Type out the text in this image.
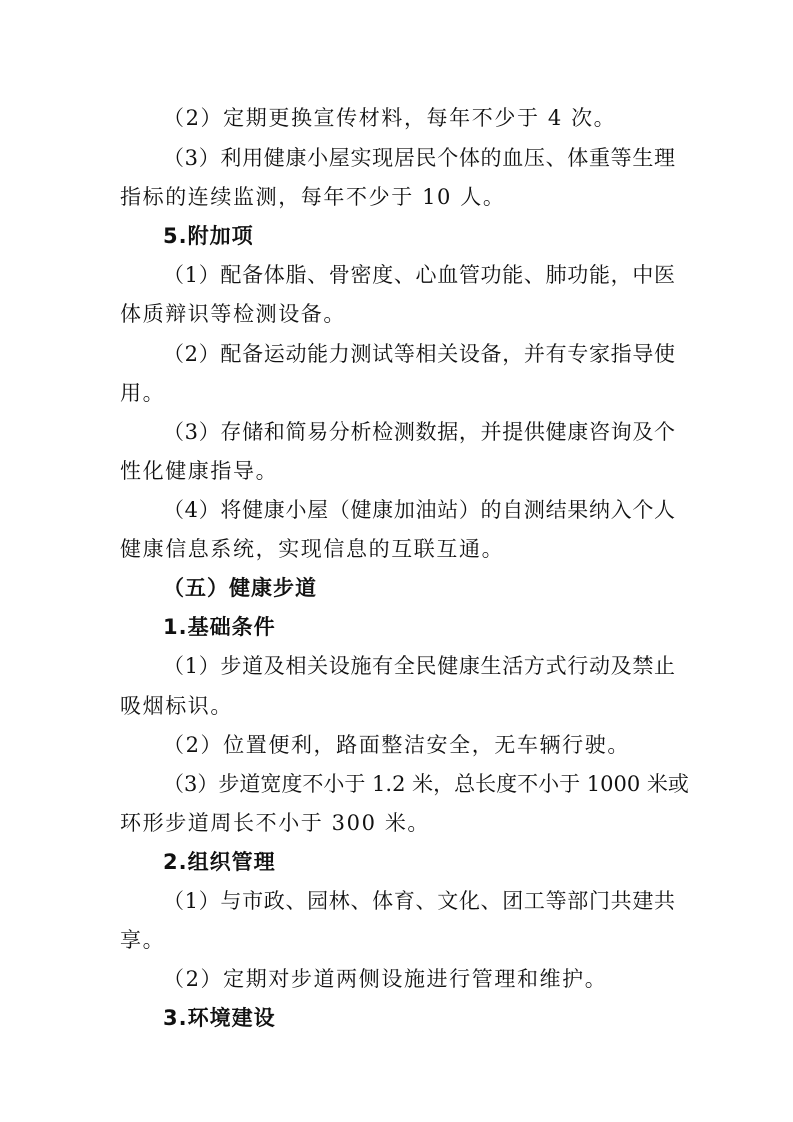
（2）定期更换宣传材料，每年不少于 4 次。
（3）利用健康小屋实现居民个体的血压、体重等生理
指标的连续监测，每年不少于 10 人。
5.附加项
（1）配备体脂、骨密度、心血管功能、肺功能，中医
体质辩识等检测设备。
（2）配备运动能力测试等相关设备，并有专家指导使
用。
（3）存储和简易分析检测数据，并提供健康咨询及个
性化健康指导。
（4）将健康小屋（健康加油站）的自测结果纳入个人
健康信息系统，实现信息的互联互通。
（五）健康步道
1.基础条件
（1）步道及相关设施有全民健康生活方式行动及禁止
吸烟标识。
（2）位置便利，路面整洁安全，无车辆行驶。
（3）步道宽度不小于 1.2 米，总长度不小于 1000 米或
环形步道周长不小于 300 米。
2.组织管理
（1）与市政、园林、体育、文化、团工等部门共建共
享。
（2）定期对步道两侧设施进行管理和维护。
3.环境建设
